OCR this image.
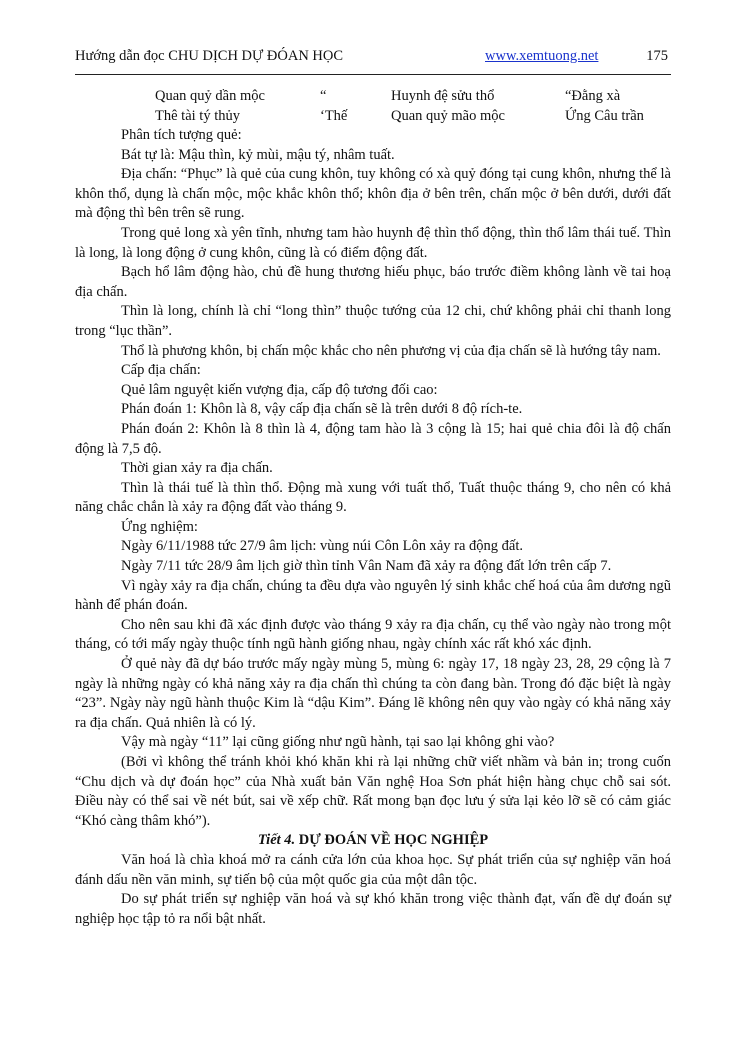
Hướng dẫn đọc CHU DỊCH DỰ ĐÓAN HỌC	www.xemtuong.net	175
Quan quỷ dần mộc	“	Huynh đệ sửu thổ	“Đằng xà
Thê tài tý thủy	‘Thế	Quan quỷ mão mộc	Ứng Câu trần

Phân tích tượng quẻ:

Bát tự là: Mậu thìn, kỷ mùi, mậu tý, nhâm tuất.

Địa chấn: “Phục” là quẻ của cung khôn, tuy không có xà quỷ đóng tại cung khôn, nhưng thể là khôn thổ, dụng là chấn mộc, mộc khắc khôn thổ; khôn địa ở bên trên, chấn mộc ở bên dưới, dưới đất mà động thì bên trên sẽ rung.

Trong quẻ long xà yên tĩnh, nhưng tam hào huynh đệ thìn thổ động, thìn thổ lâm thái tuế. Thìn là long, là long động ở cung khôn, cũng là có điểm động đất.

Bạch hổ lâm động hào, chủ đề hung thương hiếu phục, báo trước điềm không lành về tai hoạ địa chấn.

Thìn là long, chính là chỉ “long thìn” thuộc tướng của 12 chi, chứ không phải chỉ thanh long trong “lục thần”.

Thổ là phương khôn, bị chấn mộc khắc cho nên phương vị của địa chấn sẽ là hướng tây nam.

Cấp địa chấn:

Quẻ lâm nguyệt kiến vượng địa, cấp độ tương đối cao:

Phán đoán 1: Khôn là 8, vậy cấp địa chấn sẽ là trên dưới 8 độ rích-te.

Phán đoán 2: Khôn là 8 thìn là 4, động tam hào là 3 cộng là 15; hai quẻ chia đôi là độ chấn động là 7,5 độ.

Thời gian xảy ra địa chấn.

Thìn là thái tuế là thìn thổ. Động mà xung với tuất thổ, Tuất thuộc tháng 9, cho nên có khả năng chắc chắn là xảy ra động đất vào tháng 9.

Ứng nghiệm:

Ngày 6/11/1988 tức 27/9 âm lịch: vùng núi Côn Lôn xảy ra động đất.

Ngày 7/11 tức 28/9 âm lịch giờ thìn tỉnh Vân Nam đã xảy ra động đất lớn trên cấp 7.

Vì ngày xảy ra địa chấn, chúng ta đều dựa vào nguyên lý sinh khắc chế hoá của âm dương ngũ hành để phán đoán.

Cho nên sau khi đã xác định được vào tháng 9 xảy ra địa chấn, cụ thể vào ngày nào trong một tháng, có tới mấy ngày thuộc tính ngũ hành giống nhau, ngày chính xác rất khó xác định.

Ở quẻ này đã dự báo trước mấy ngày mùng 5, mùng 6: ngày 17, 18 ngày 23, 28, 29 cộng là 7 ngày là những ngày có khả năng xảy ra địa chấn thì chúng ta còn đang bàn. Trong đó đặc biệt là ngày “23”. Ngày này ngũ hành thuộc Kim là “dậu Kim”. Đáng lẽ không nên quy vào ngày có khả năng xảy ra địa chấn. Quả nhiên là có lý.

Vậy mà ngày “11” lại cũng giống như ngũ hành, tại sao lại không ghi vào?

(Bởi vì không thể tránh khỏi khó khăn khi rà lại những chữ viết nhầm và bản in; trong cuốn “Chu dịch và dự đoán học” của Nhà xuất bản Văn nghệ Hoa Sơn phát hiện hàng chục chỗ sai sót. Điều này có thể sai về nét bút, sai về xếp chữ. Rất mong bạn đọc lưu ý sửa lại kẻo lỡ sẽ có cảm giác “Khó càng thâm khó”).

Tiết 4. DỰ ĐOÁN VỀ HỌC NGHIỆP

Văn hoá là chìa khoá mở ra cánh cửa lớn của khoa học. Sự phát triển của sự nghiệp văn hoá đánh dấu nền văn minh, sự tiến bộ của một quốc gia của một dân tộc.

Do sự phát triển sự nghiệp văn hoá và sự khó khăn trong việc thành đạt, vấn đề dự đoán sự nghiệp học tập tỏ ra nổi bật nhất.
